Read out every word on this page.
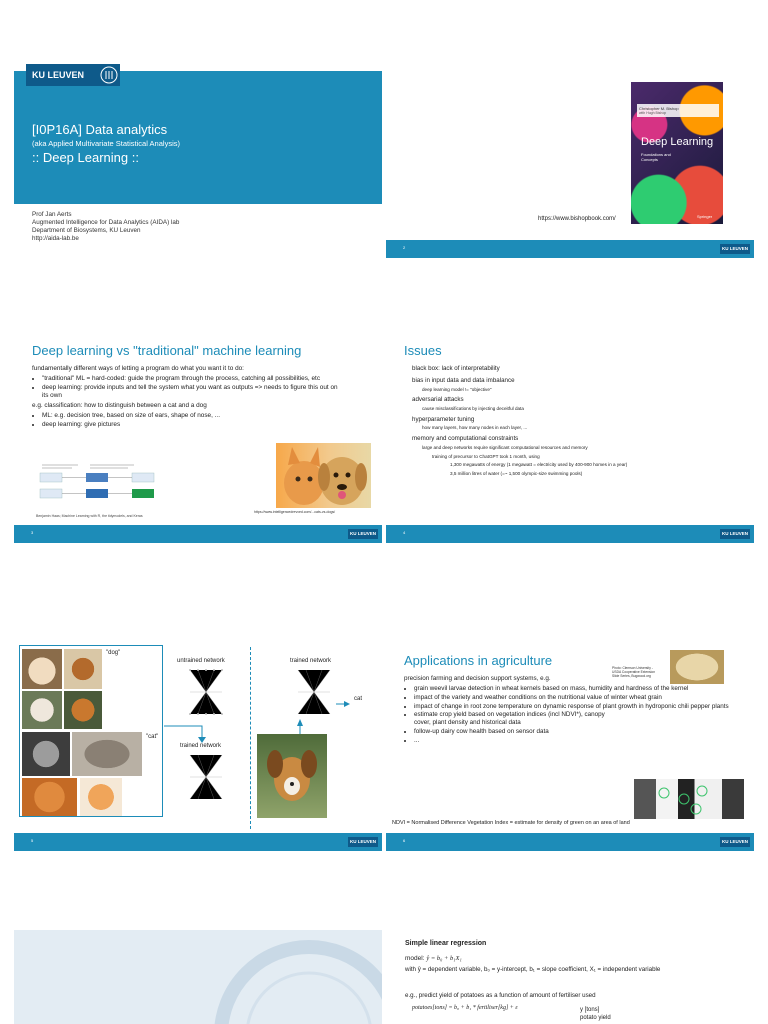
KU LEUVEN
[I0P16A] Data analytics
(aka Applied Multivariate Statistical Analysis)
:: Deep Learning ::
Prof Jan Aerts
Augmented Intelligence for Data Analytics (AIDA) lab
Department of Biosystems, KU Leuven
http://aida-lab.be
Christopher M. Bishop
with Hugh Bishop
Deep Learning
Foundations and Concepts
Springer
https://www.bishopbook.com/
2	KU LEUVEN
Deep learning vs "traditional" machine learning

fundamentally different ways of letting a program do what you want it to do:

• "traditional" ML = hard-coded: guide the program through the process, catching all possibilities, etc
• deep learning: provide inputs and tell the system what you want as outputs => needs to figure this out on its own

e.g. classification: how to distinguish between a cat and a dog

• ML: e.g. decision tree, based on size of ears, shape of nose, ...
• deep learning: give pictures
Benjamin Haas; Machine Learning with R, the tidymodels, and Keras
https://www.intelligencedrevved.com/...cats-vs-dogs/
3	KU LEUVEN
Issues
black box: lack of interpretability
bias in input data and data imbalance
deep learning model != "objective"
adversarial attacks
cause misclassifications by injecting deceitful data
hyperparameter tuning
how many layers, how many nodes in each layer, ...
memory and computational constraints
large and deep networks require significant computational resources and memory
training of precursor to ChatGPT took 1 month, using
1,300 megawatts of energy (1 megawatt = electricity used by 400-900 homes in a year)
3,5 million litres of water (=~ 1,500 olympic-size swimming pools)
4	KU LEUVEN
"dog"
"cat"
untrained network
trained network
trained network
cat
5	KU LEUVEN
Applications in agriculture	Photo: Clemson University - USDA Cooperative Extension Slide Series, Bugwood.org

precision farming and decision support systems, e.g.

• grain weevil larvae detection in wheat kernels based on mass, humidity and hardness of the kernel
• impact of the variety and weather conditions on the nutritional value of winter wheat grain
• impact of change in root zone temperature on dynamic response of plant growth in hydroponic chili pepper plants
• estimate crop yield based on vegetation indices (incl NDVI*), canopy cover, plant density and historical data
• follow-up dairy cow health based on sensor data
• ...
NDVI = Normalised Difference Vegetation Index = estimate for density of green on an area of land
6	KU LEUVEN
Simple linear regression
model: ŷ = b₀ + b₁X₁
with ŷ = dependent variable, b₀ = y-intercept, b₁ = slope coefficient, X₁ = independent variable
e.g., predict yield of potatoes as a function of amount of fertiliser used
potatoes[tons] = b₀ + b₁ * fertiliser[kg] + ε	y [tons]
potato yield
